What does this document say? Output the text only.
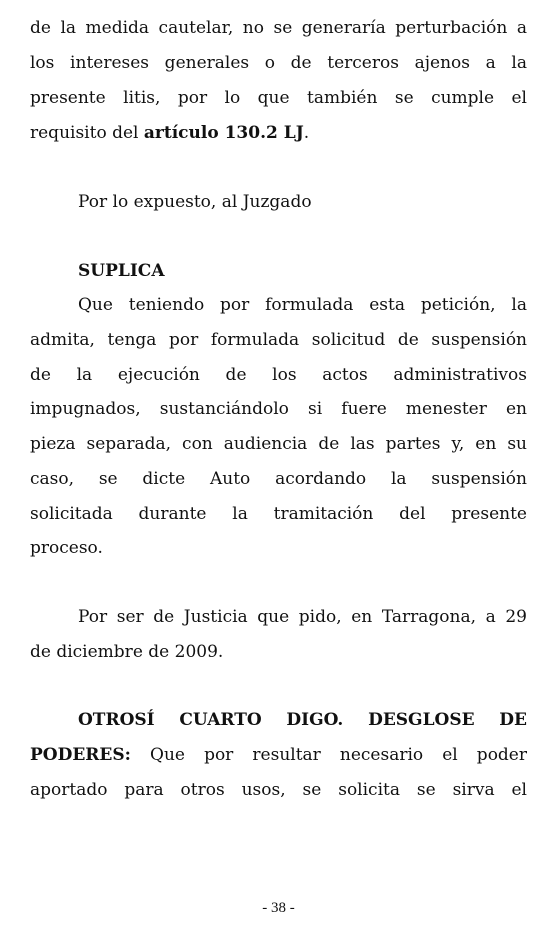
de la medida cautelar, no se generaría perturbación a
los intereses generales o de terceros ajenos a la
presente litis, por lo que también se cumple el
requisito del artículo 130.2 LJ.
Por lo expuesto, al Juzgado
SUPLICA
Que teniendo por formulada esta petición, la
admita, tenga por formulada solicitud de suspensión
de la ejecución de los actos administrativos
impugnados, sustanciándolo si fuere menester en
pieza separada, con audiencia de las partes y, en su
caso, se dicte Auto acordando la suspensión
solicitada durante la tramitación del presente
proceso.
Por ser de Justicia que pido, en Tarragona, a 29
de diciembre de 2009.
OTROSÍ CUARTO DIGO. DESGLOSE DE
PODERES: Que por resultar necesario el poder
aportado para otros usos, se solicita se sirva el
- 38 -
